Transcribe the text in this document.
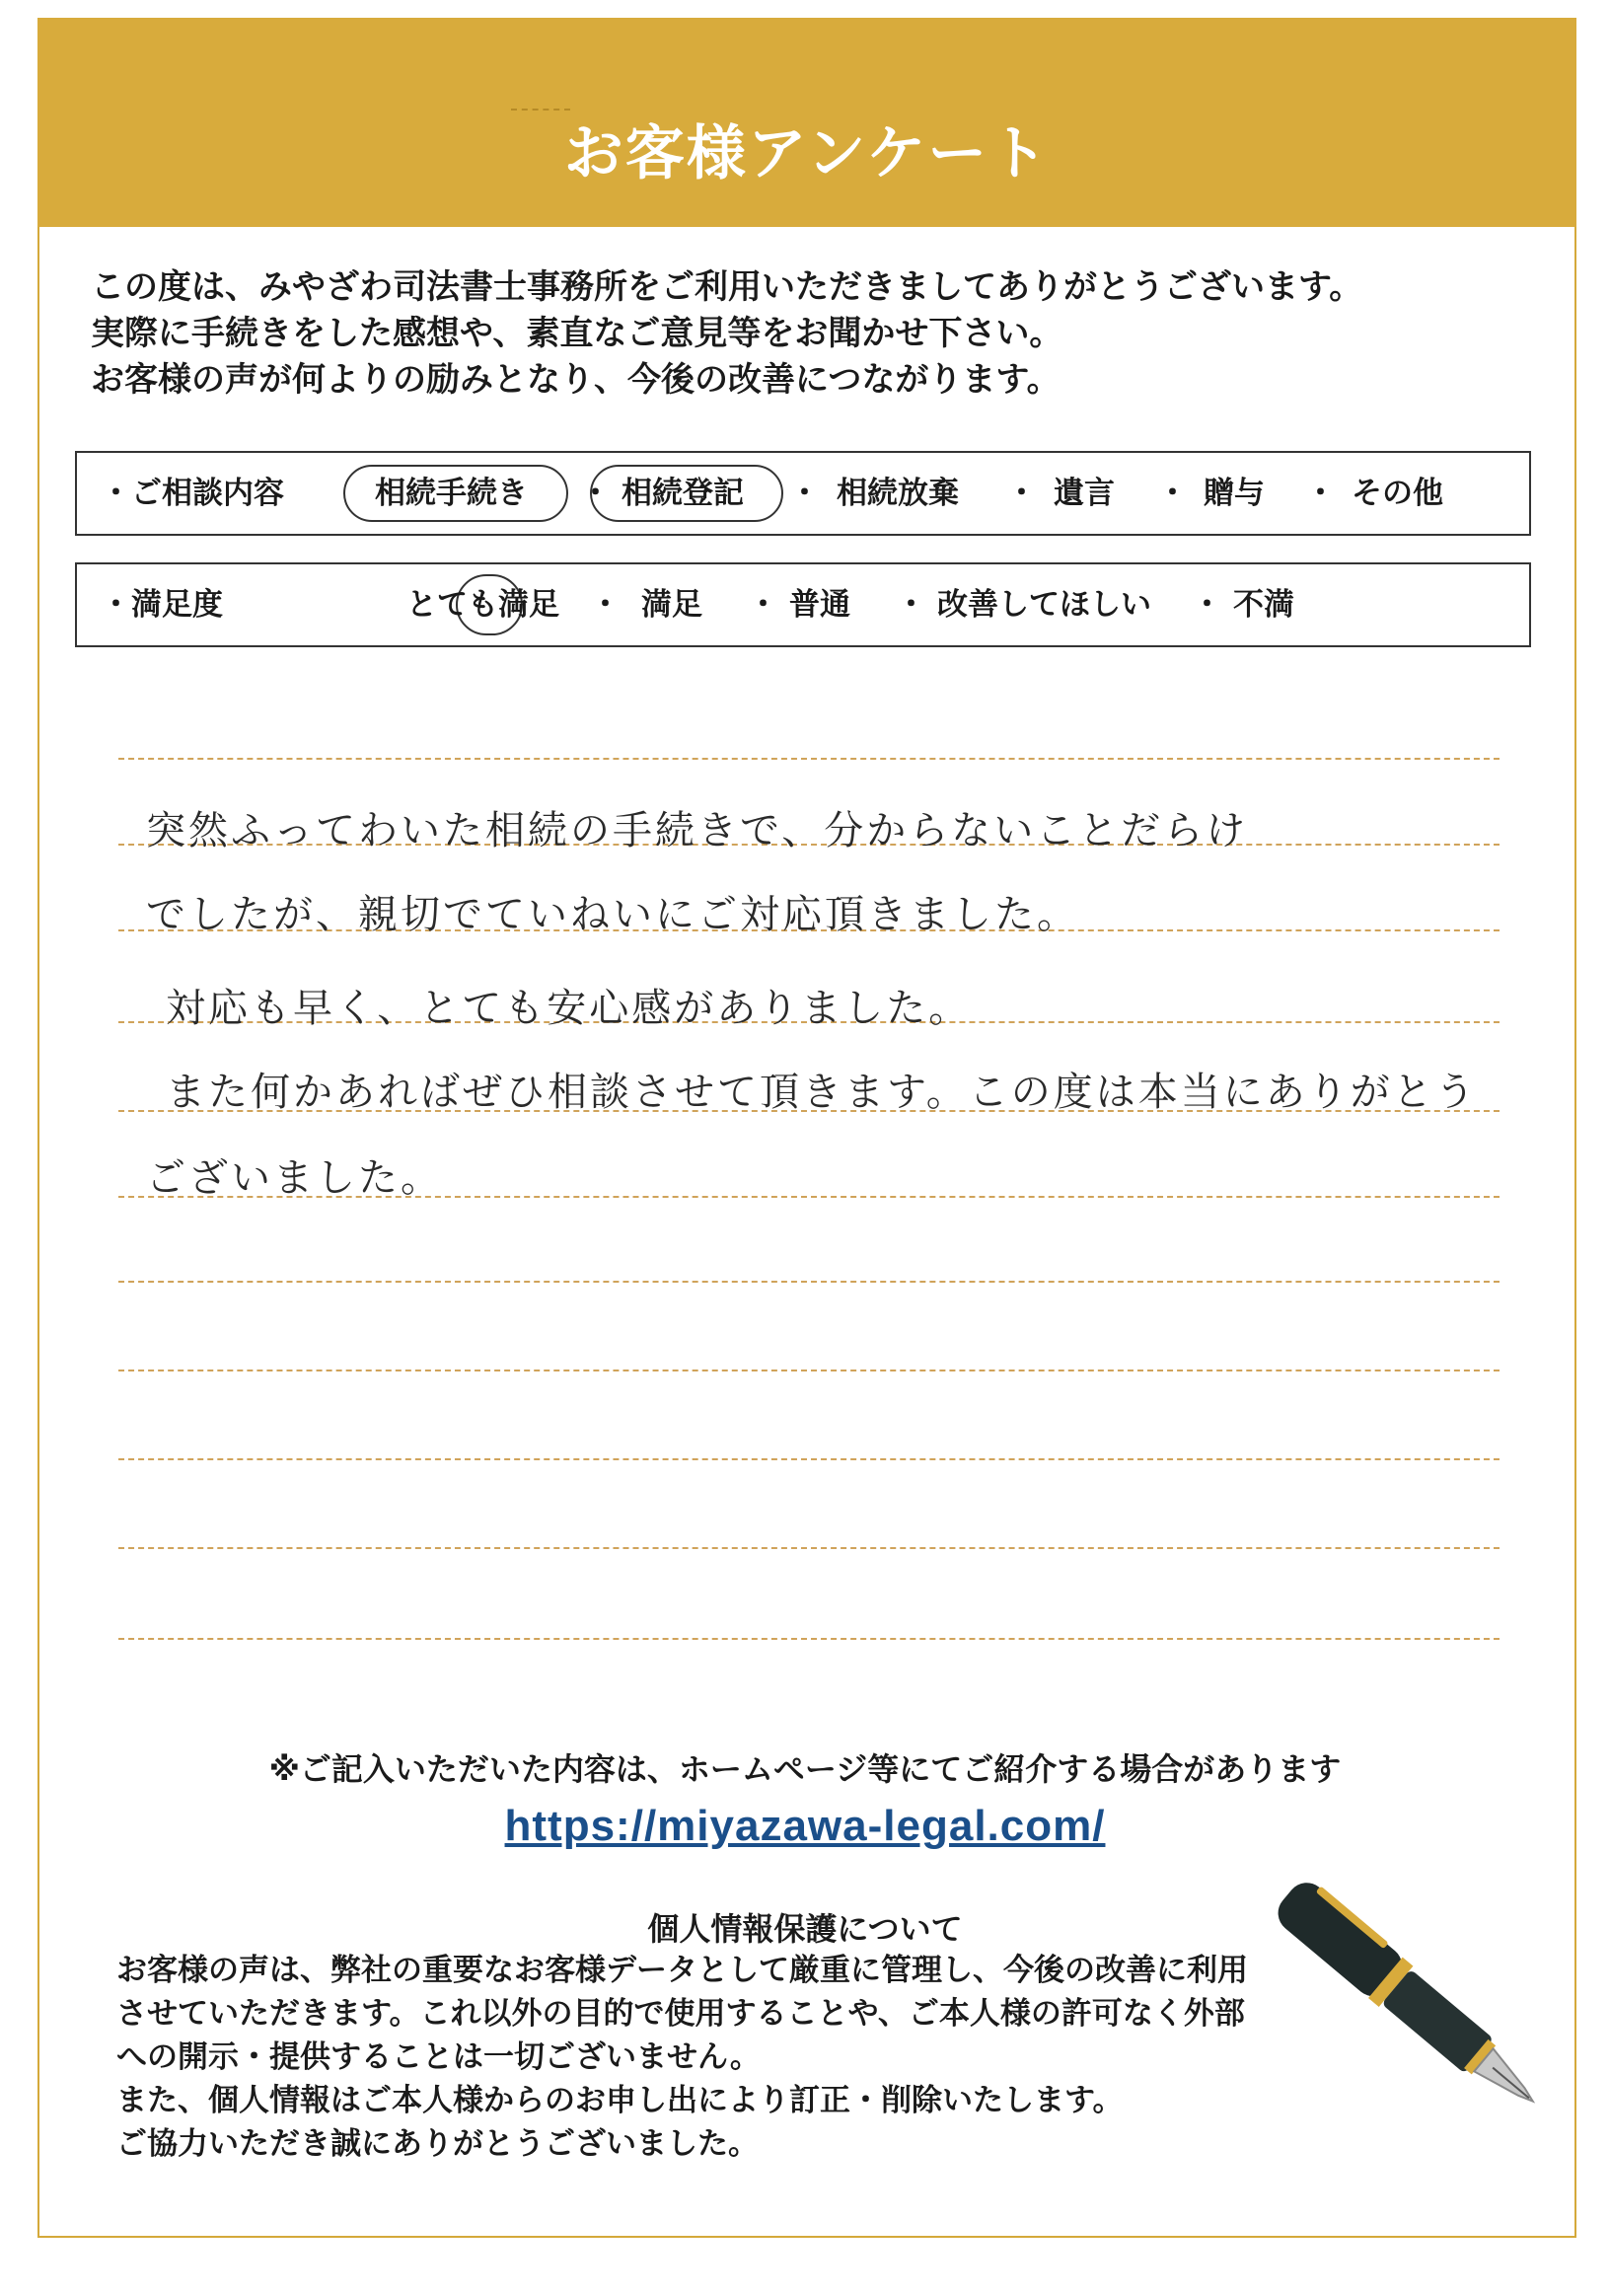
お客様アンケート
この度は、みやざわ司法書士事務所をご利用いただきましてありがとうございます。
実際に手続きをした感想や、素直なご意見等をお聞かせ下さい。
お客様の声が何よりの励みとなり、今後の改善につながります。
・ご相談内容	相続手続き ・ 相続登記 ・ 相続放棄 ・ 遺言 ・ 贈与 ・ その他
・満足度	とても満足 ・ 満足 ・ 普通 ・ 改善してほしい ・ 不満
突然ふってわいた相続の手続きで、分からないことだらけ
でしたが、親切でていねいにご対応頂きました。
対応も早く、とても安心感がありました。
また何かあればぜひ相談させて頂きます。この度は本当にありがとう
ございました。
※ご記入いただいた内容は、ホームページ等にてご紹介する場合があります
https://miyazawa-legal.com/
個人情報保護について
お客様の声は、弊社の重要なお客様データとして厳重に管理し、今後の改善に利用
させていただきます。これ以外の目的で使用することや、ご本人様の許可なく外部
への開示・提供することは一切ございません。
また、個人情報はご本人様からのお申し出により訂正・削除いたします。
ご協力いただき誠にありがとうございました。
